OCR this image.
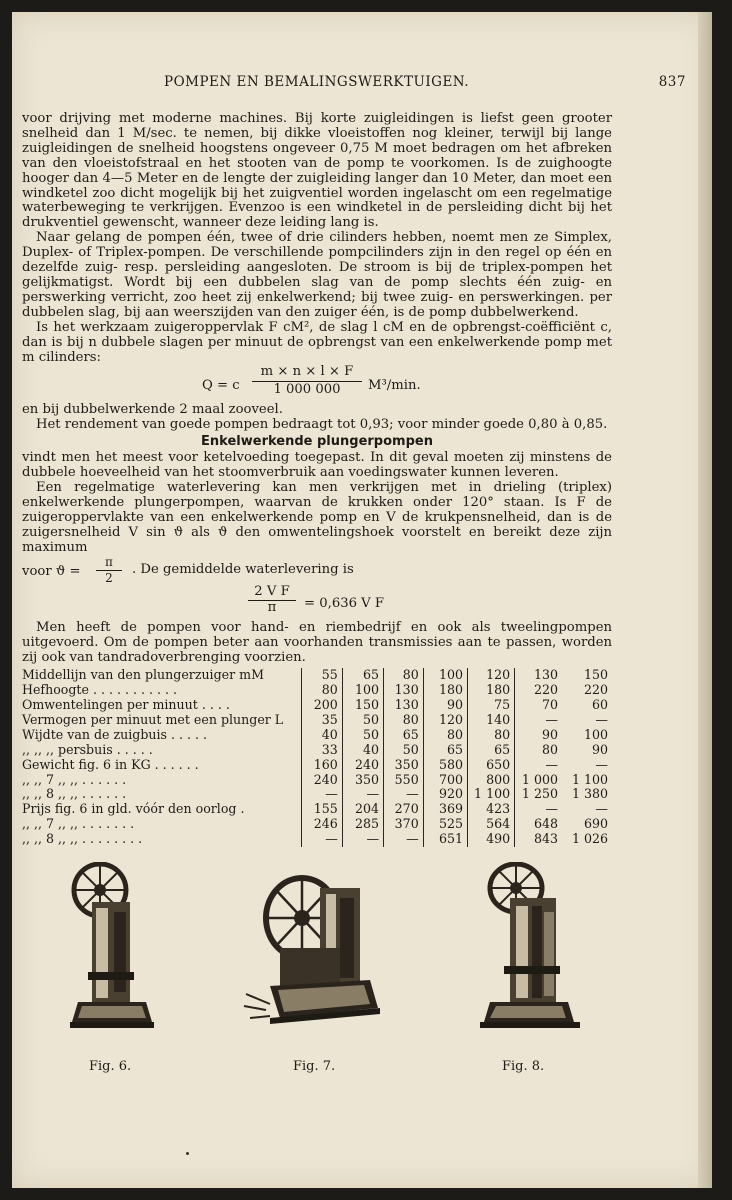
POMPEN EN BEMALINGSWERKTUIGEN.	837

voor drijving met moderne machines. Bij korte zuigleidingen is liefst geen grooter snelheid dan 1 M/sec. te nemen, bij dikke vloeistoffen nog kleiner, terwijl bij lange zuigleidingen de snelheid hoogstens ongeveer 0,75 M moet bedragen om het afbreken van den vloeistofstraal en het stooten van de pomp te voorkomen. Is de zuighoogte hooger dan 4—5 Meter en de lengte der zuigleiding langer dan 10 Meter, dan moet een windketel zoo dicht mogelijk bij het zuigventiel worden ingelascht om een regelmatige waterbeweging te verkrijgen. Evenzoo is een windketel in de persleiding dicht bij het drukventiel gewenscht, wanneer deze leiding lang is.

Naar gelang de pompen één, twee of drie cilinders hebben, noemt men ze Simplex, Duplex- of Triplex-pompen. De verschillende pompcilinders zijn in den regel op één en dezelfde zuig- resp. persleiding aangesloten. De stroom is bij de triplex-pompen het gelijkmatigst. Wordt bij een dubbelen slag van de pomp slechts één zuig- en perswerking verricht, zoo heet zij enkelwerkend; bij twee zuig- en perswerkingen. per dubbelen slag, bij aan weerszijden van den zuiger één, is de pomp dubbelwerkend.

Is het werkzaam zuigeroppervlak F cM², de slag l cM en de opbrengst-coëfficiënt c, dan is bij n dubbele slagen per minuut de opbrengst van een enkelwerkende pomp met m cilinders:

Q = c $\frac{m \times n \times l \times F}{1 000 000} M^3/\min$.

en bij dubbelwerkende 2 maal zooveel.

Het rendement van goede pompen bedraagt tot 0,93; voor minder goede 0,80 à 0,85.

Enkelwerkende plungerpompen

vindt men het meest voor ketelvoeding toegepast. In dit geval moeten zij minstens de dubbele hoeveelheid van het stoomverbruik aan voedingswater kunnen leveren.

Een regelmatige waterlevering kan men verkrijgen met in drieling (triplex) enkelwerkende plungerpompen, waarvan de krukken onder 120° staan. Is F de zuigeroppervlakte van een enkelwerkende pomp en V de krukpensnelheid, dan is de zuigersnelheid V sin ϑ als ϑ den omwentelingshoek voorstelt en bereikt deze zijn maximum

voor ϑ =
π
2
. De gemiddelde waterlevering is
$\frac{\text{2 V F}}{\pi} = 0,636$ V F

Men heeft de pompen voor hand- en riembedrijf en ook als tweelingpompen uitgevoerd. Om de pompen beter aan voorhanden transmissies aan te passen, worden zij ook van tandradoverbrenging voorzien.

Middellijn van den plungerzuiger mM	55	65	80	100	120	130	150
Hefhoogte . . . . . . . . . . .	80	100	130	180	180	220	220
Omwentelingen per minuut . . . .	200	150	130	90	75	70	60
Vermogen per minuut met een plunger L	35	50	80	120	140	—	—
Wijdte van de zuigbuis . . . . .	40	50	65	80	80	90	100
,, ,, ,, persbuis . . . . .	33	40	50	65	65	80	90
Gewicht fig. 6 in KG . . . . . .	160	240	350	580	650	—	—
,, ,, 7 ,, ,, . . . . . .	240	350	550	700	800	1 000	1 100
,, ,, 8 ,, ,, . . . . . .	—	—	—	920	1 100	1 250	1 380
Prijs fig. 6 in gld. vóór den oorlog .	155	204	270	369	423	—	—
,, ,, 7 ,, ,, . . . . . . .	246	285	370	525	564	648	690
,, ,, 8 ,, ,, . . . . . . . .	—	—	—	651	490	843	1 026
Fig. 6.	Fig. 7.	Fig. 8.
